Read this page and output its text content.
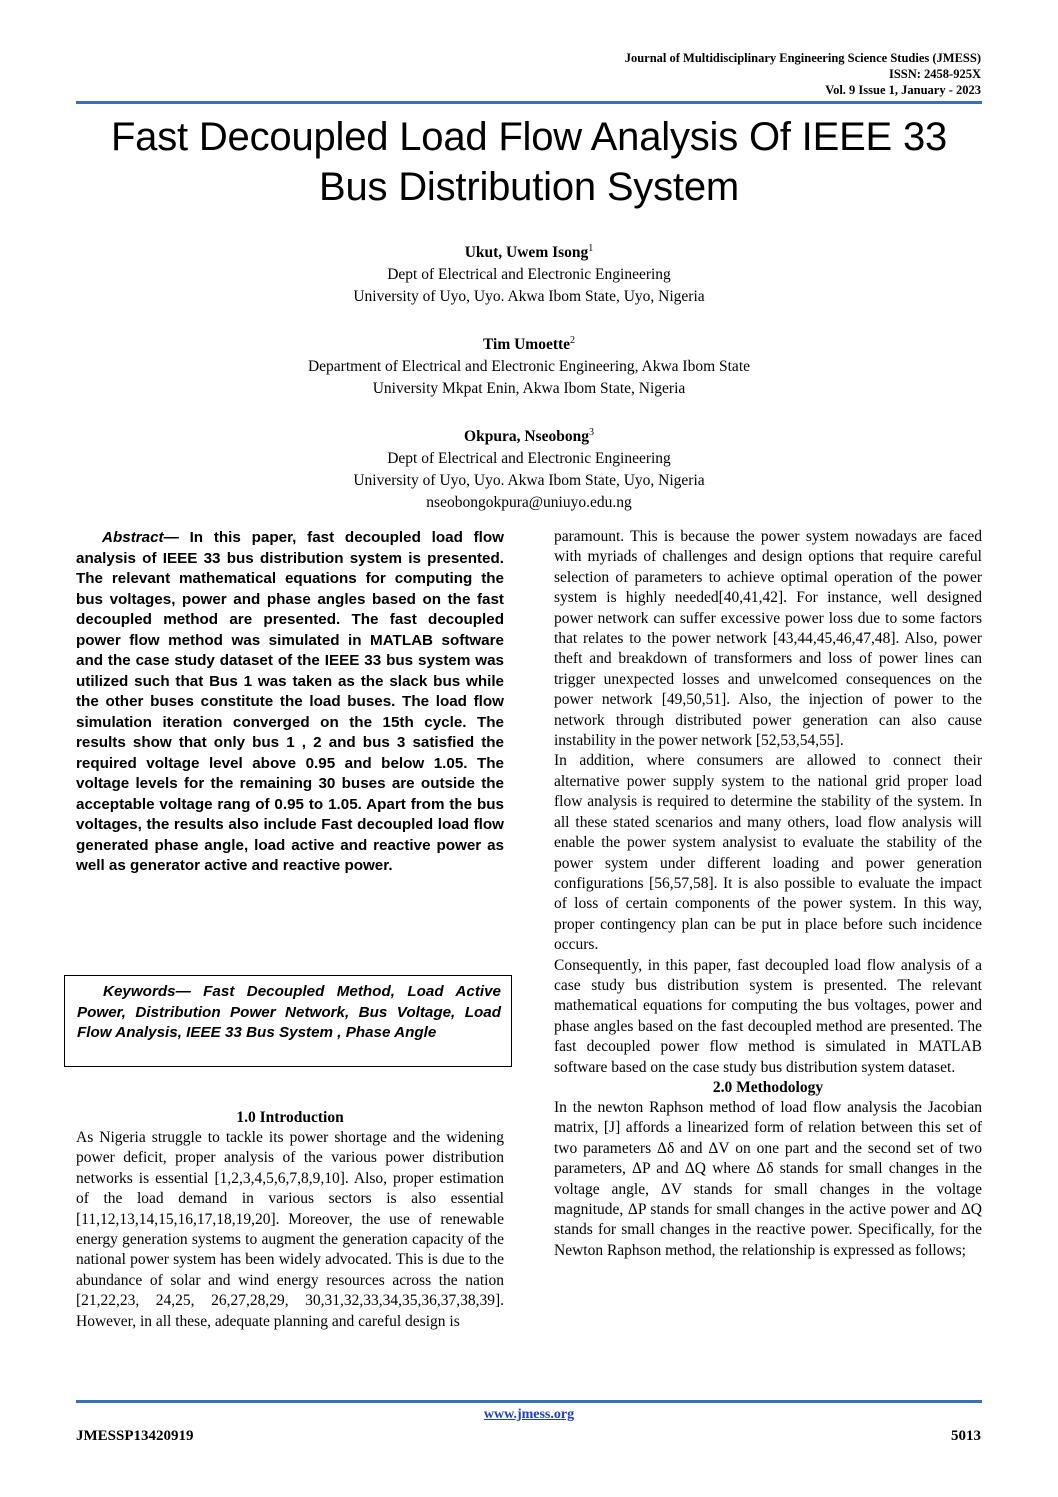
Journal of Multidisciplinary Engineering Science Studies (JMESS)
ISSN: 2458-925X
Vol. 9 Issue 1, January - 2023
Fast Decoupled Load Flow Analysis Of IEEE 33
Bus Distribution System
Ukut, Uwem Isong$^1$
Dept of Electrical and Electronic Engineering
University of Uyo, Uyo. Akwa Ibom State, Uyo, Nigeria
Tim Umoette$^2$
Department of Electrical and Electronic Engineering, Akwa Ibom State
University Mkpat Enin, Akwa Ibom State, Nigeria
Okpura, Nseobong$^3$
Dept of Electrical and Electronic Engineering
University of Uyo, Uyo. Akwa Ibom State, Uyo, Nigeria
nseobongokpura@uniuyo.edu.ng
Abstract— In this paper, fast decoupled load flow analysis of IEEE 33 bus distribution system is presented. The relevant mathematical equations for computing the bus voltages, power and phase angles based on the fast decoupled method are presented. The fast decoupled power flow method was simulated in MATLAB software and the case study dataset of the IEEE 33 bus system was utilized such that Bus 1 was taken as the slack bus while the other buses constitute the load buses. The load flow simulation iteration converged on the 15th cycle. The results show that only bus 1 , 2 and bus 3 satisfied the required voltage level above 0.95 and below 1.05. The voltage levels for the remaining 30 buses are outside the acceptable voltage rang of 0.95 to 1.05. Apart from the bus voltages, the results also include Fast decoupled load flow generated phase angle, load active and reactive power as well as generator active and reactive power.
Keywords— Fast Decoupled Method, Load Active Power, Distribution Power Network, Bus Voltage, Load Flow Analysis, IEEE 33 Bus System , Phase Angle
1.0 Introduction

As Nigeria struggle to tackle its power shortage and the widening power deficit, proper analysis of the various power distribution networks is essential [1,2,3,4,5,6,7,8,9,10]. Also, proper estimation of the load demand in various sectors is also essential [11,12,13,14,15,16,17,18,19,20]. Moreover, the use of renewable energy generation systems to augment the generation capacity of the national power system has been widely advocated. This is due to the abundance of solar and wind energy resources across the nation [21,22,23, 24,25, 26,27,28,29, 30,31,32,33,34,35,36,37,38,39]. However, in all these, adequate planning and careful design is

paramount. This is because the power system nowadays are faced with myriads of challenges and design options that require careful selection of parameters to achieve optimal operation of the power system is highly needed[40,41,42]. For instance, well designed power network can suffer excessive power loss due to some factors that relates to the power network [43,44,45,46,47,48]. Also, power theft and breakdown of transformers and loss of power lines can trigger unexpected losses and unwelcomed consequences on the power network [49,50,51]. Also, the injection of power to the network through distributed power generation can also cause instability in the power network [52,53,54,55].

In addition, where consumers are allowed to connect their alternative power supply system to the national grid proper load flow analysis is required to determine the stability of the system. In all these stated scenarios and many others, load flow analysis will enable the power system analysist to evaluate the stability of the power system under different loading and power generation configurations [56,57,58]. It is also possible to evaluate the impact of loss of certain components of the power system. In this way, proper contingency plan can be put in place before such incidence occurs.

Consequently, in this paper, fast decoupled load flow analysis of a case study bus distribution system is presented. The relevant mathematical equations for computing the bus voltages, power and phase angles based on the fast decoupled method are presented. The fast decoupled power flow method is simulated in MATLAB software based on the case study bus distribution system dataset.

2.0 Methodology

In the newton Raphson method of load flow analysis the Jacobian matrix, [J] affords a linearized form of relation between this set of two parameters Δδ and ΔV on one part and the second set of two parameters, ΔP and ΔQ where Δδ stands for small changes in the voltage angle, ΔV stands for small changes in the voltage magnitude, ΔP stands for small changes in the active power and ΔQ stands for small changes in the reactive power. Specifically, for the Newton Raphson method, the relationship is expressed as follows;

www.jmess.org
JMESSP13420919	5013
